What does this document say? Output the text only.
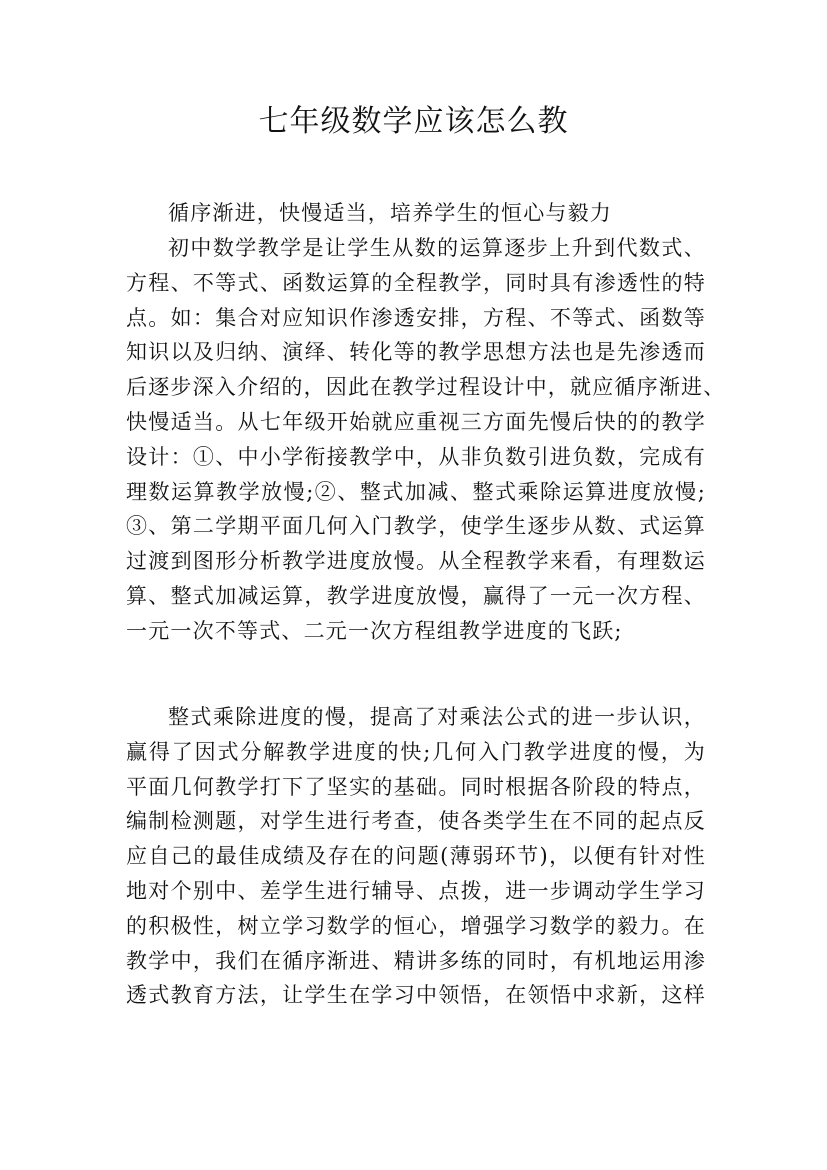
七年级数学应该怎么教
循序渐进，快慢适当，培养学生的恒心与毅力
初中数学教学是让学生从数的运算逐步上升到代数式、
方程、不等式、函数运算的全程教学，同时具有渗透性的特
点。如：集合对应知识作渗透安排，方程、不等式、函数等
知识以及归纳、演绎、转化等的教学思想方法也是先渗透而
后逐步深入介绍的，因此在教学过程设计中，就应循序渐进、
快慢适当。从七年级开始就应重视三方面先慢后快的的教学
设计：①、中小学衔接教学中，从非负数引进负数，完成有
理数运算教学放慢;②、整式加减、整式乘除运算进度放慢;
③、第二学期平面几何入门教学，使学生逐步从数、式运算
过渡到图形分析教学进度放慢。从全程教学来看，有理数运
算、整式加减运算，教学进度放慢，赢得了一元一次方程、
一元一次不等式、二元一次方程组教学进度的飞跃;
整式乘除进度的慢，提高了对乘法公式的进一步认识，
赢得了因式分解教学进度的快;几何入门教学进度的慢，为
平面几何教学打下了坚实的基础。同时根据各阶段的特点，
编制检测题，对学生进行考查，使各类学生在不同的起点反
应自己的最佳成绩及存在的问题(薄弱环节)，以便有针对性
地对个别中、差学生进行辅导、点拨，进一步调动学生学习
的积极性，树立学习数学的恒心，增强学习数学的毅力。在
教学中，我们在循序渐进、精讲多练的同时，有机地运用渗
透式教育方法，让学生在学习中领悟，在领悟中求新，这样
